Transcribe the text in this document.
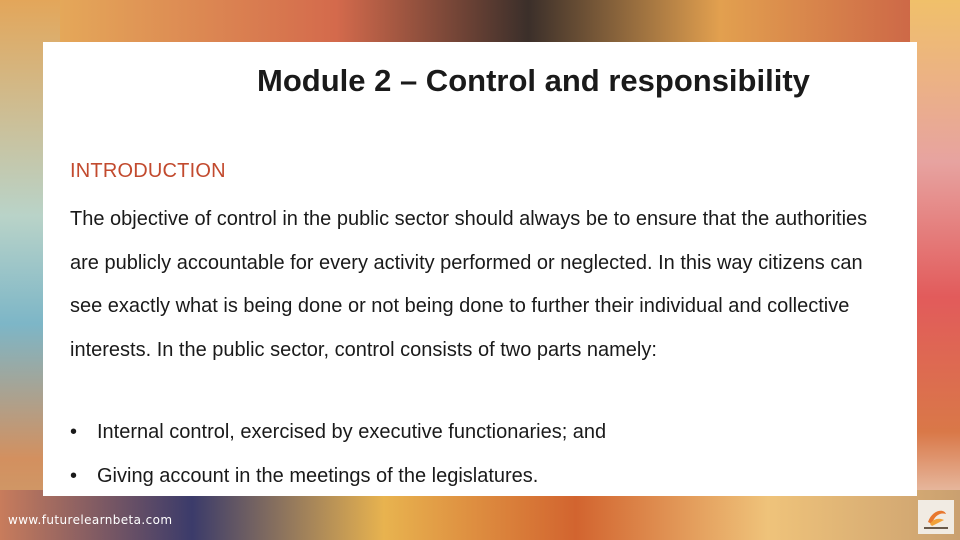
Module 2 – Control and responsibility
INTRODUCTION
The objective of control in the public sector should always be to ensure that the authorities are publicly accountable for every activity performed or neglected. In this way citizens can see exactly what is being done or not being done to further their individual and collective interests. In the public sector, control consists of two parts namely:
• Internal control, exercised by executive functionaries; and
• Giving account in the meetings of the legislatures.
www.futurelearnbeta.com
